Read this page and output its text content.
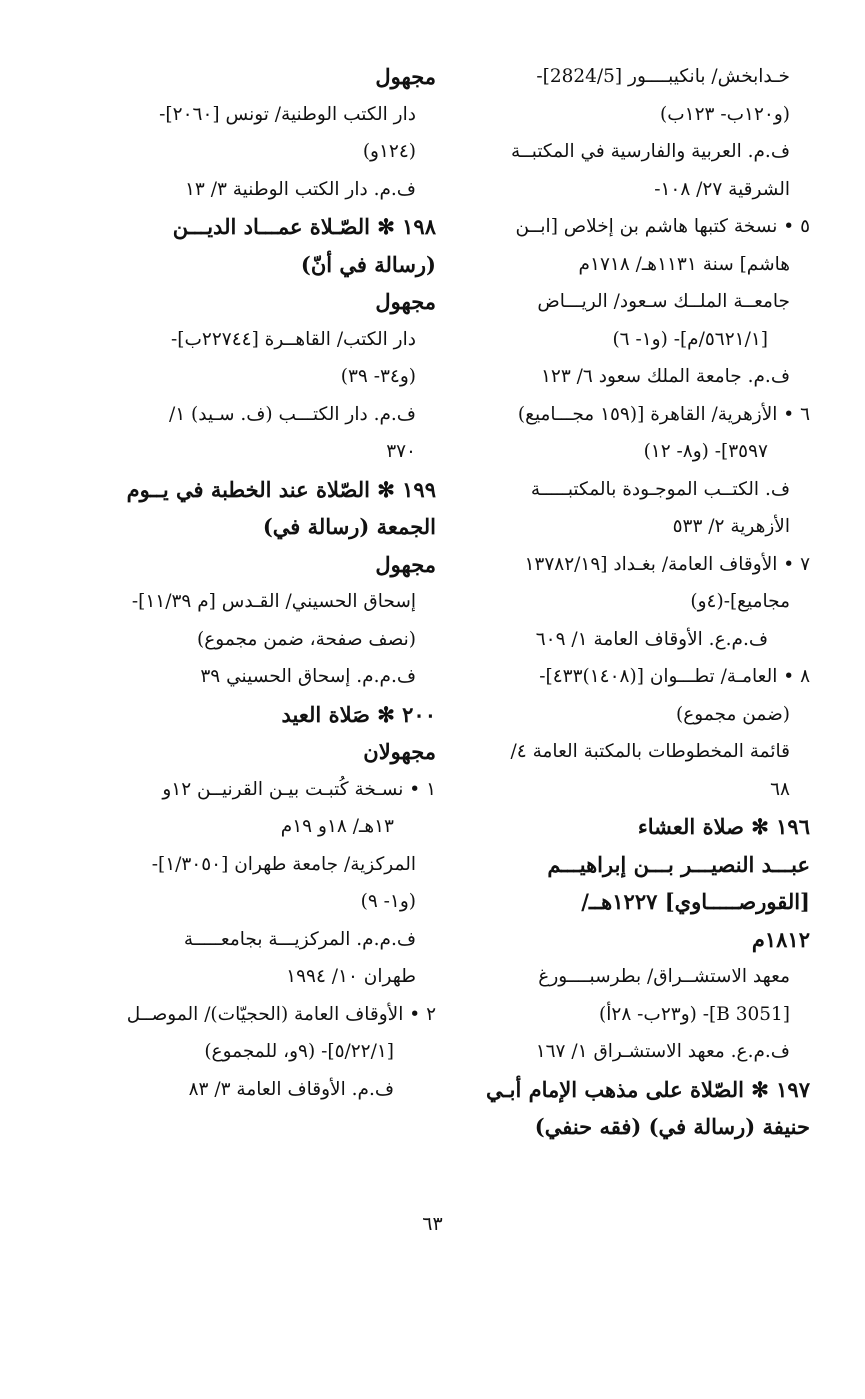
خـدابخش/ بانكيبــــور [2824/5]-
(و١٢٠ب- ١٢٣ب)
ف.م. العربية والفارسية في المكتبــة
الشرقية ٢٧/ ١٠٨-
٥ • نسخة كتبها هاشم بن إخلاص [ابــن
هاشم] سنة ١١٣١هـ/ ١٧١٨م
جامعــة الملــك سـعود/ الريـــاض
[٥٦٢١/١/م]- (و١- ٦)
ف.م. جامعة الملك سعود ٦/ ١٢٣
٦ • الأزهرية/ القاهرة [(١٥٩ مجـــاميع)
٣٥٩٧]- (و٨- ١٢)
ف. الكتــب الموجـودة بالمكتبـــــة
الأزهرية ٢/ ٥٣٣
٧ • الأوقاف العامة/ بغـداد [١٣٧٨٢/١٩
مجاميع]-(٤و)
ف.م.ع. الأوقاف العامة ١/ ٦٠٩
٨ • العامـة/ تطـــوان [(١٤٠٨)٤٣٣]-
(ضمن مجموع)
قائمة المخطوطات بالمكتبة العامة ٤/
٦٨
١٩٦ ✻ صلاة العشاء
عبـــد النصيـــر بـــن إبراهيـــم
[القورصـــــاوي] ١٢٢٧هــ/
١٨١٢م
معهد الاستشــراق/ بطرسبــــورغ
[B 3051]- (و٢٣ب- ٢٨أ)
ف.م.ع. معهد الاستشـراق ١/ ١٦٧
١٩٧ ✻ الصّلاة على مذهب الإمام أبـي
حنيفة (رسالة في) (فقه حنفي)
مجهول
دار الكتب الوطنية/ تونس [٢٠٦٠]-
(١٢٤و)
ف.م. دار الكتب الوطنية ٣/ ١٣
١٩٨ ✻ الصّـلاة عمـــاد الديـــن
(رسالة في أنّ)
مجهول
دار الكتب/ القاهــرة [٢٢٧٤٤ب]-
(و٣٤- ٣٩)
ف.م. دار الكتـــب (ف. سـيد) ١/
٣٧٠
١٩٩ ✻ الصّلاة عند الخطبة في يــوم
الجمعة (رسالة في)
مجهول
إسحاق الحسيني/ القـدس [م ١١/٣٩]-
(نصف صفحة، ضمن مجموع)
ف.م.م. إسحاق الحسيني ٣٩
٢٠٠ ✻ صَلاة العيد
مجهولان
١ • نسـخة كُتبـت بيـن القرنيــن ١٢و
١٣هـ/ ١٨و ١٩م
المركزية/ جامعة طهران [١/٣٠٥٠]-
(و١- ٩)
ف.م.م. المركزيـــة بجامعـــــة
طهران ١٠/ ١٩٩٤
٢ • الأوقاف العامة (الحجيّات)/ الموصــل
[٥/٢٢/١]- (٩و، للمجموع)
ف.م. الأوقاف العامة ٣/ ٨٣
٦٣
